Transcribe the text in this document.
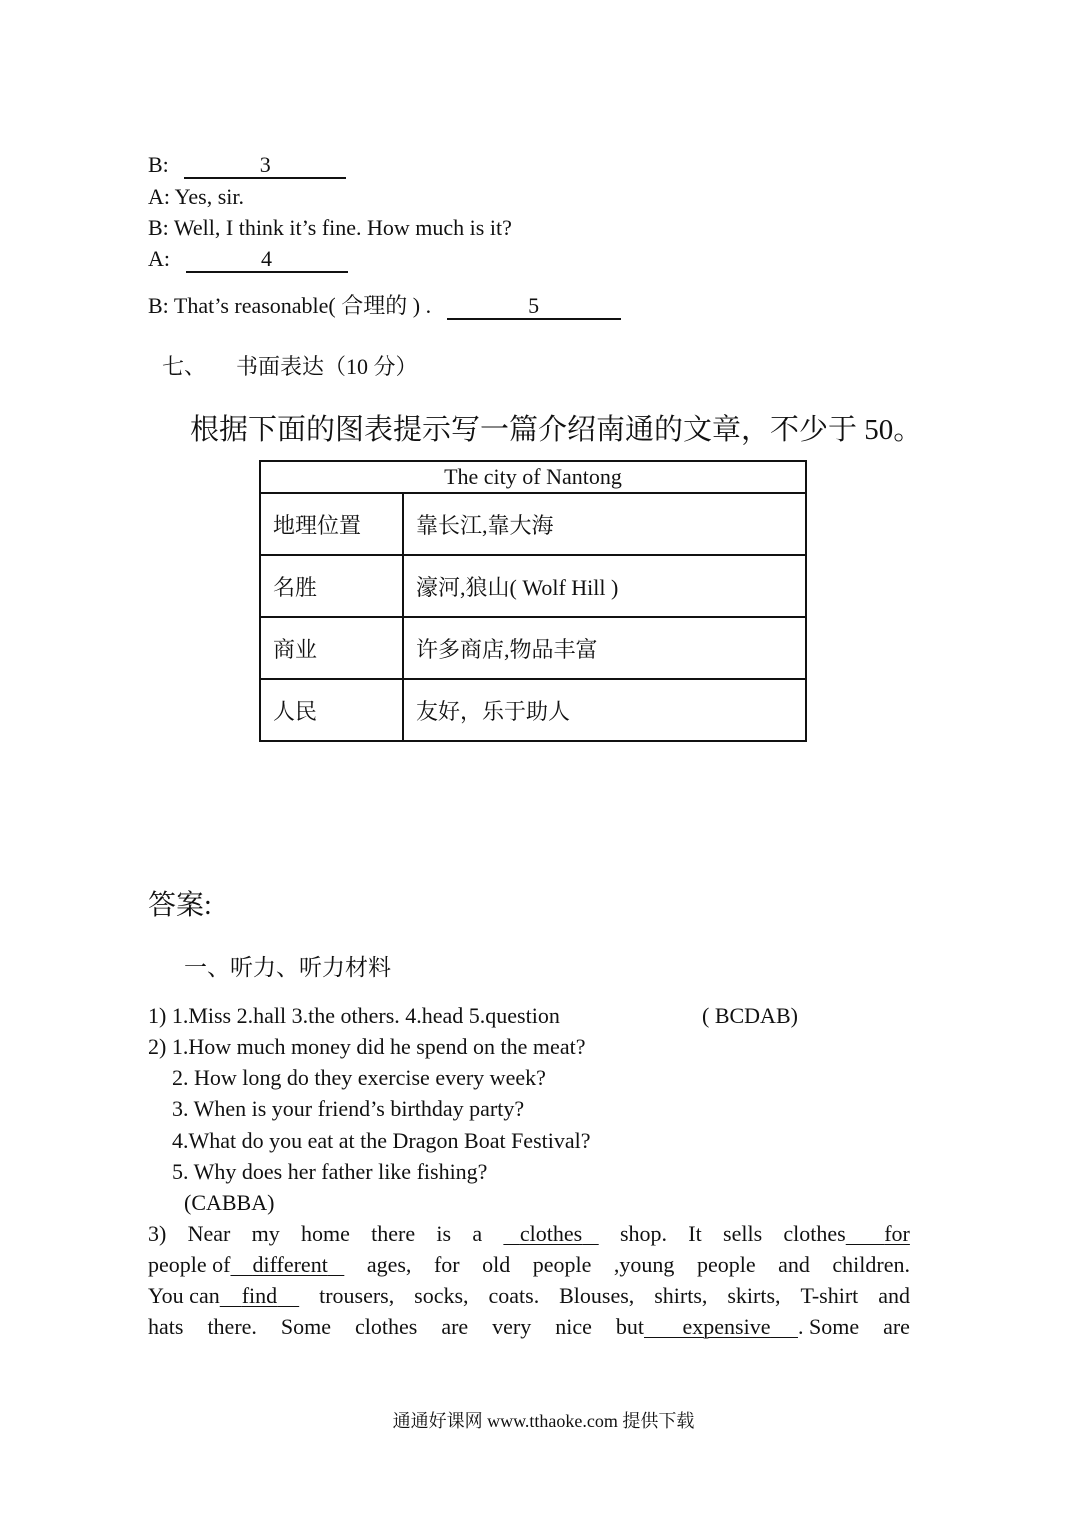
B:	3
A: Yes, sir.
B: Well, I think it’s fine. How much is it?
A:	4
B: That’s reasonable( 合理的 ) .	5
七、 书面表达（10 分）
根据下面的图表提示写一篇介绍南通的文章，不少于 50。
The city of Nantong	
地理位置	靠长江,靠大海
名胜	濠河,狼山( Wolf Hill )
商业	许多商店,物品丰富
人民	友好，乐于助人
答案:
一、听力、听力材料
1) 1.Miss 2.hall 3.the others. 4.head 5.question	( BCDAB)
2) 1.How much money did he spend on the meat?
2. How long do they exercise every week?
3. When is your friend’s birthday party?
4.What do you eat at the Dragon Boat Festival?
5. Why does her father like fishing?
(CABBA)
3) Near my home there is a	clothes	shop. It sells clothes for
people of different	ages, for old people ,young people and children.
You can find	trousers, socks, coats. Blouses, shirts, skirts, T-shirt and
hats there. Some clothes are very nice but expensive . Some are
通通好课网 www.tthaoke.com 提供下载
